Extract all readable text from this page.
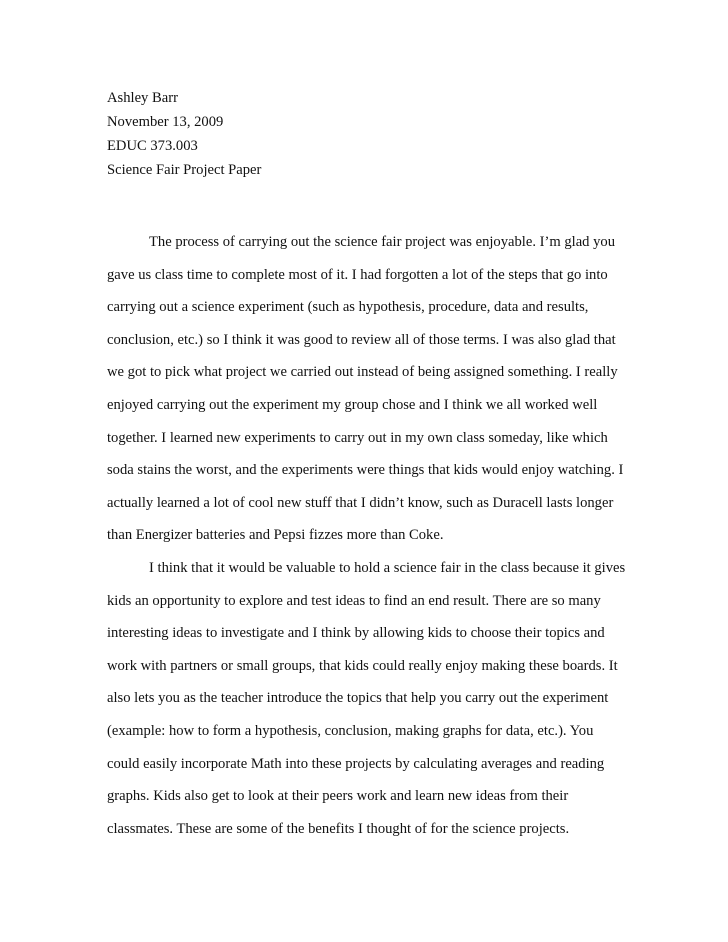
Ashley Barr
November 13, 2009
EDUC 373.003
Science Fair Project Paper
The process of carrying out the science fair project was enjoyable. I’m glad you
gave us class time to complete most of it. I had forgotten a lot of the steps that go into
carrying out a science experiment (such as hypothesis, procedure, data and results,
conclusion, etc.) so I think it was good to review all of those terms. I was also glad that
we got to pick what project we carried out instead of being assigned something. I really
enjoyed carrying out the experiment my group chose and I think we all worked well
together. I learned new experiments to carry out in my own class someday, like which
soda stains the worst, and the experiments were things that kids would enjoy watching. I
actually learned a lot of cool new stuff that I didn’t know, such as Duracell lasts longer
than Energizer batteries and Pepsi fizzes more than Coke.
I think that it would be valuable to hold a science fair in the class because it gives
kids an opportunity to explore and test ideas to find an end result. There are so many
interesting ideas to investigate and I think by allowing kids to choose their topics and
work with partners or small groups, that kids could really enjoy making these boards. It
also lets you as the teacher introduce the topics that help you carry out the experiment
(example: how to form a hypothesis, conclusion, making graphs for data, etc.). You
could easily incorporate Math into these projects by calculating averages and reading
graphs. Kids also get to look at their peers work and learn new ideas from their
classmates. These are some of the benefits I thought of for the science projects.
